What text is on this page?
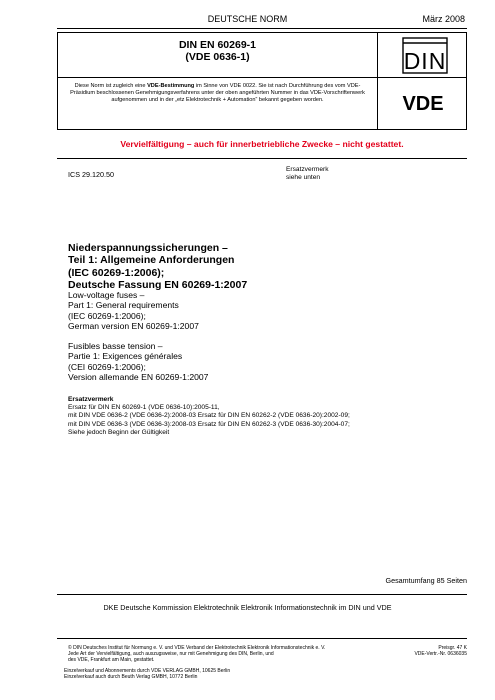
DEUTSCHE NORM	März 2008
DIN EN 60269-1
(VDE 0636-1)	DIN
Diese Norm ist zugleich eine VDE-Bestimmung im Sinne von VDE 0022. Sie ist nach Durchführung des vom VDE-Präsidium beschlossenen Genehmigungsverfahrens unter der oben angeführten Nummer in das VDE-Vorschriftenwerk aufgenommen und in der „etz Elektrotechnik + Automation“ bekannt gegeben worden.	VDE
Vervielfältigung – auch für innerbetriebliche Zwecke – nicht gestattet.
ICS 29.120.50
Ersatzvermerk
siehe unten
Niederspannungssicherungen –
Teil 1: Allgemeine Anforderungen
(IEC 60269-1:2006);
Deutsche Fassung EN 60269-1:2007
Low-voltage fuses –
Part 1: General requirements
(IEC 60269-1:2006);
German version EN 60269-1:2007
Fusibles basse tension –
Partie 1: Exigences générales
(CEI 60269-1:2006);
Version allemande EN 60269-1:2007
Ersatzvermerk
Ersatz für DIN EN 60269-1 (VDE 0636-10):2005-11,
mit DIN VDE 0636-2 (VDE 0636-2):2008-03 Ersatz für DIN EN 60262-2 (VDE 0636-20):2002-09;
mit DIN VDE 0636-3 (VDE 0636-3):2008-03 Ersatz für DIN EN 60262-3 (VDE 0636-30):2004-07;
Siehe jedoch Beginn der Gültigkeit
Gesamtumfang 85 Seiten
DKE Deutsche Kommission Elektrotechnik Elektronik Informationstechnik im DIN und VDE
© DIN Deutsches Institut für Normung e. V. und VDE Verband der Elektrotechnik Elektronik Informationstechnik e. V.
Jede Art der Vervielfältigung, auch auszugsweise, nur mit Genehmigung des DIN, Berlin, und
des VDE, Frankfurt am Main, gestattet.
Preisgr. 47 K
VDE-Vertr.-Nr. 0636035
Einzelverkauf und Abonnements durch VDE VERLAG GMBH, 10625 Berlin
Einzelverkauf auch durch Beuth Verlag GMBH, 10772 Berlin
